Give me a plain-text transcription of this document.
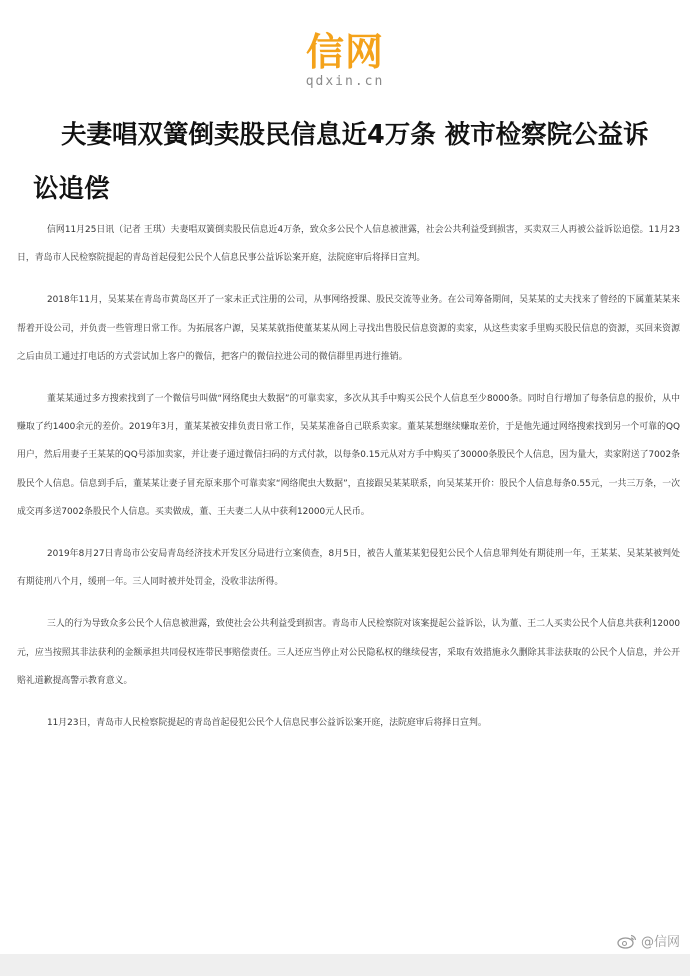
信网
qdxin.cn
夫妻唱双簧倒卖股民信息近4万条 被市检察院公益诉讼追偿

信网11月25日讯（记者 王琪）夫妻唱双簧倒卖股民信息近4万条，致众多公民个人信息被泄露，社会公共利益受到损害，买卖双三人再被公益诉讼追偿。11月23日，青岛市人民检察院提起的青岛首起侵犯公民个人信息民事公益诉讼案开庭，法院庭审后将择日宣判。

2018年11月，吴某某在青岛市黄岛区开了一家未正式注册的公司，从事网络授课、股民交流等业务。在公司筹备期间，吴某某的丈夫找来了曾经的下属董某某来帮着开设公司，并负责一些管理日常工作。为拓展客户源，吴某某就指使董某某从网上寻找出售股民信息资源的卖家，从这些卖家手里购买股民信息的资源，买回来资源之后由员工通过打电话的方式尝试加上客户的微信，把客户的微信拉进公司的微信群里再进行推销。

董某某通过多方搜索找到了一个微信号叫做“网络爬虫大数据”的可靠卖家，多次从其手中购买公民个人信息至少8000条。同时自行增加了每条信息的报价，从中赚取了约1400余元的差价。2019年3月，董某某被安排负责日常工作，吴某某准备自己联系卖家。董某某想继续赚取差价，于是他先通过网络搜索找到另一个可靠的QQ用户，然后用妻子王某某的QQ号添加卖家，并让妻子通过微信扫码的方式付款，以每条0.15元从对方手中购买了30000条股民个人信息，因为量大，卖家附送了7002条股民个人信息。信息到手后，董某某让妻子冒充原来那个可靠卖家“网络爬虫大数据”，直接跟吴某某联系，向吴某某开价：股民个人信息每条0.55元，一共三万条，一次成交再多送7002条股民个人信息。买卖做成，董、王夫妻二人从中获利12000元人民币。

2019年8月27日青岛市公安局青岛经济技术开发区分局进行立案侦查，8月5日，被告人董某某犯侵犯公民个人信息罪判处有期徒刑一年，王某某、吴某某被判处有期徒刑八个月，缓刑一年。三人同时被并处罚金，没收非法所得。

三人的行为导致众多公民个人信息被泄露，致使社会公共利益受到损害。青岛市人民检察院对该案提起公益诉讼，认为董、王二人买卖公民个人信息共获利12000元，应当按照其非法获利的金额承担共同侵权连带民事赔偿责任。三人还应当停止对公民隐私权的继续侵害，采取有效措施永久删除其非法获取的公民个人信息，并公开赔礼道歉提高警示教育意义。

11月23日，青岛市人民检察院提起的青岛首起侵犯公民个人信息民事公益诉讼案开庭，法院庭审后将择日宣判。

@信网
